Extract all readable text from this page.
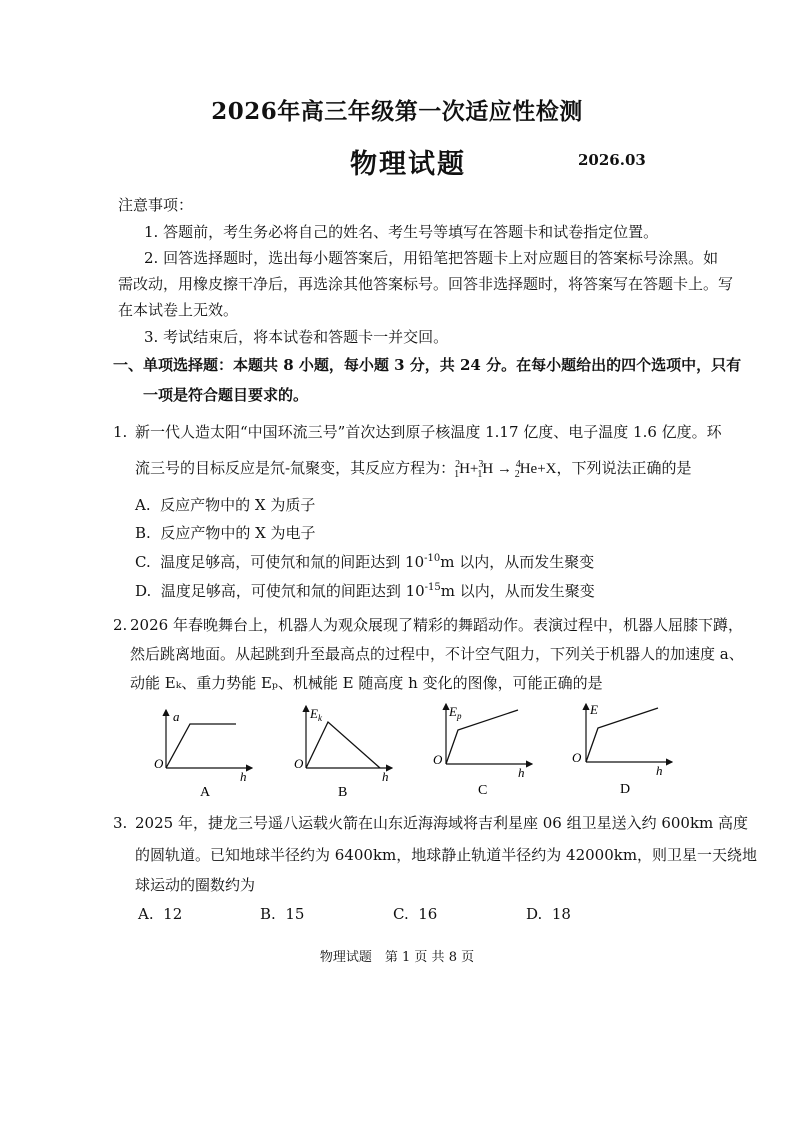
2026年高三年级第一次适应性检测
物理试题	2026.03
注意事项：
1. 答题前，考生务必将自己的姓名、考生号等填写在答题卡和试卷指定位置。
2. 回答选择题时，选出每小题答案后，用铅笔把答题卡上对应题目的答案标号涂黑。如
需改动，用橡皮擦干净后，再选涂其他答案标号。回答非选择题时，将答案写在答题卡上。写
在本试卷上无效。
3. 考试结束后，将本试卷和答题卡一并交回。
一、单项选择题：本题共 8 小题，每小题 3 分，共 24 分。在每小题给出的四个选项中，只有
一项是符合题目要求的。
1. 新一代人造太阳“中国环流三号”首次达到原子核温度 1.17 亿度、电子温度 1.6 亿度。环
流三号的目标反应是氘-氚聚变，其反应方程为：$^2_1$H+$^3_1$H → $^4_2$He+X，下列说法正确的是
A. 反应产物中的 X 为质子
B. 反应产物中的 X 为电子
C. 温度足够高，可使氘和氚的间距达到 $10^{-10}m$ 以内，从而发生聚变
D. 温度足够高，可使氘和氚的间距达到 $10^{-15}m$ 以内，从而发生聚变
2. 2026 年春晚舞台上，机器人为观众展现了精彩的舞蹈动作。表演过程中，机器人屈膝下蹲，
然后跳离地面。从起跳到升至最高点的过程中，不计空气阻力，下列关于机器人的加速度 a、
动能 Eₖ、重力势能 Eₚ、机械能 E 随高度 h 变化的图像，可能正确的是
a
O
h
A
$E_k$
O
h
B
$E_p$
O
h
C
E
O
h
D
3. 2025 年，捷龙三号遥八运载火箭在山东近海海域将吉利星座 06 组卫星送入约 600km 高度
的圆轨道。已知地球半径约为 6400km，地球静止轨道半径约为 42000km，则卫星一天绕地
球运动的圈数约为
A. 12	B. 15	C. 16	D. 18
物理试题　第 1 页 共 8 页
